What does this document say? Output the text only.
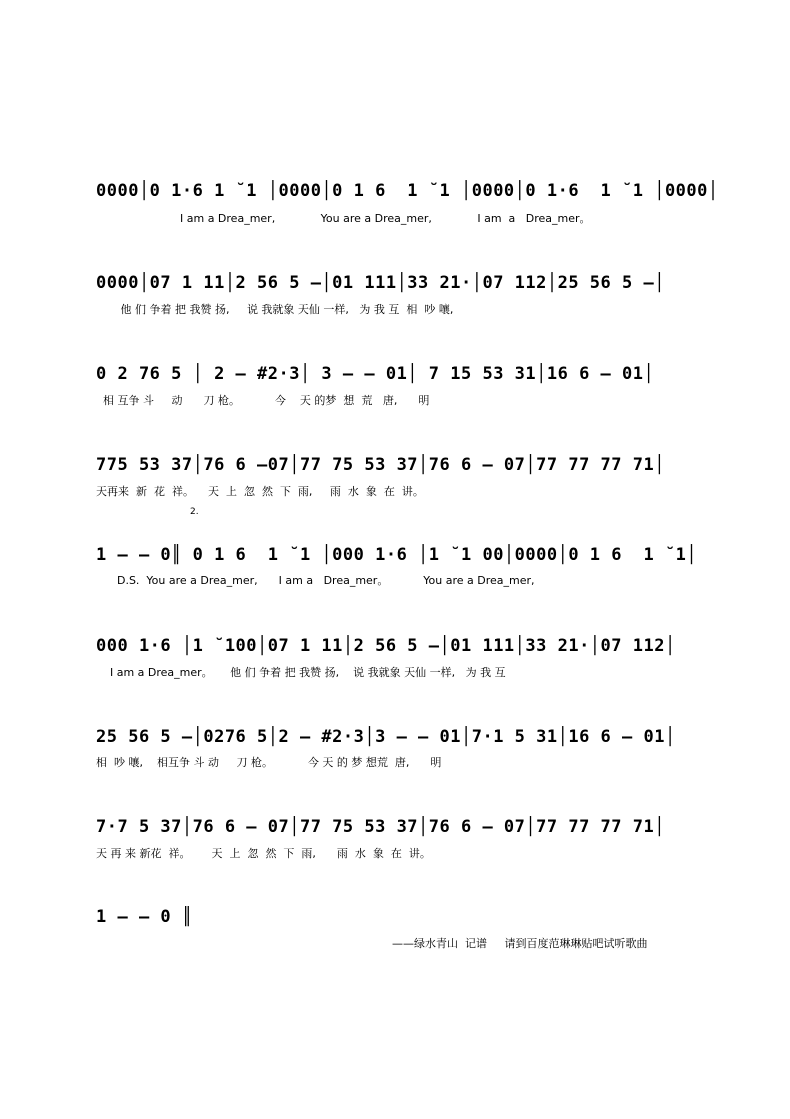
2.
0000│0 1·6 1 ˘1 │0000│0 1 6  1 ˘1 │0000│0 1·6  1 ˘1 │0000│
I am a Drea_mer,             You are a Drea_mer,             I am  a   Drea_mer。
0000│07 1 11│2 56 5 —│01 111│33 21·│07 112│25 56 5 —│
他 们 争着 把 我赞 扬,     说 我就象 天仙 一样,   为 我 互  相  吵 嚷,
0 2 76 5 │ 2 — #2·3│ 3 — — 01│ 7 15 53 31│16 6 — 01│
相 互争 斗     动      刀 枪。          今    天 的梦  想  荒   唐,      明
775 53 37│76 6 —07│77 75 53 37│76 6 — 07│77 77 77 71│
天再来  新  花  祥。    天  上  忽  然  下  雨,     雨  水  象  在  讲。
1 — — 0║ 0 1 6  1 ˘1 │000 1·6 │1 ˘1 00│0000│0 1 6  1 ˘1│
D.S.  You are a Drea_mer,      I am a   Drea_mer。          You are a Drea_mer,
000 1·6 │1 ˘100│07 1 11│2 56 5 —│01 111│33 21·│07 112│
I am a Drea_mer。     他 们 争着 把 我赞 扬,    说 我就象 天仙 一样,   为 我 互
25 56 5 —│0276 5│2 — #2·3│3 — — 01│7·1 5 31│16 6 — 01│
相  吵 嚷,    相互争 斗 动     刀 枪。          今 天 的 梦 想荒  唐,      明
7·7 5 37│76 6 — 07│77 75 53 37│76 6 — 07│77 77 77 71│
天 再 来 新花  祥。      天  上  忽  然  下  雨,      雨  水  象  在  讲。
1 — — 0 ║
——绿水青山  记谱     请到百度范琳琳贴吧试听歌曲
